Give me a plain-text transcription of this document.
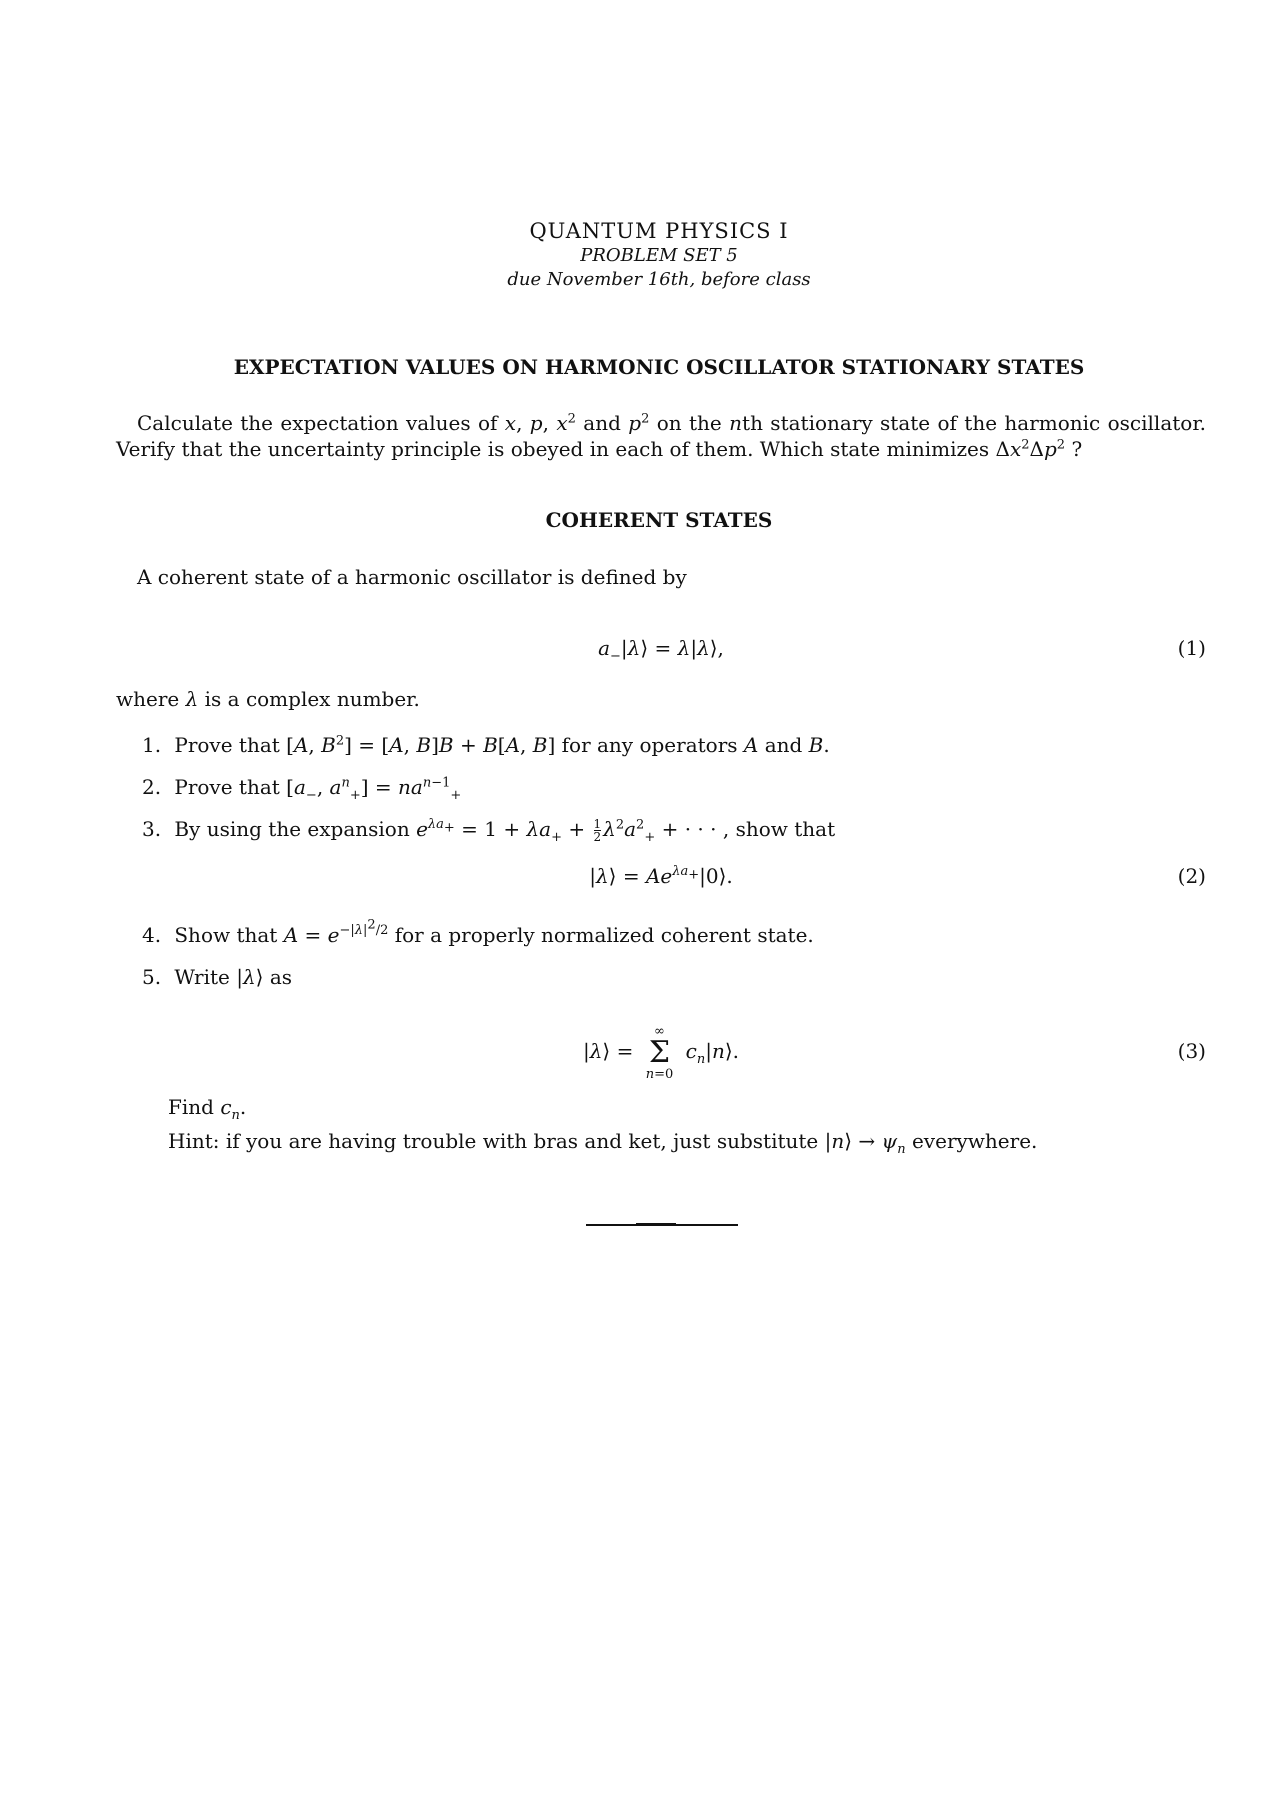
QUANTUM PHYSICS I
PROBLEM SET 5
due November 16th, before class
EXPECTATION VALUES ON HARMONIC OSCILLATOR STATIONARY STATES
Calculate the expectation values of x, p, $x^2$ and $p^2$ on the nth stationary state of the harmonic oscillator. Verify that the uncertainty principle is obeyed in each of them. Which state minimizes $\Delta x^2\Delta p^2$ ?
COHERENT STATES
A coherent state of a harmonic oscillator is defined by
$a_-|\lambda⟩$ = λ|λ⟩,	(1)
where λ is a complex number.
1. Prove that [A, $B^2] = [A$, B]B + B[A, B] for any operators A and B.
2. Prove that [$a_-$, $a^n_+] = na^{n-1}_+$
3. By using the expansion $e^{\lambda a_+} = 1 + \lambda a_+ + \frac{1}{2} \lambda^2a^2_+$ + · · · , show that
|λ⟩ = $Ae^{\lambda a_+}|0⟩$.	(2)
4. Show that $A = e^{-|\lambda|^2/2}$ for a properly normalized coherent state.
5. Write |λ⟩ as
|λ⟩ =
∞
Σ
n=0
$c_n|n⟩$.	(3)
Find $c_n$.
Hint: if you are having trouble with bras and ket, just substitute |n⟩ → $\psi_n$ everywhere.
